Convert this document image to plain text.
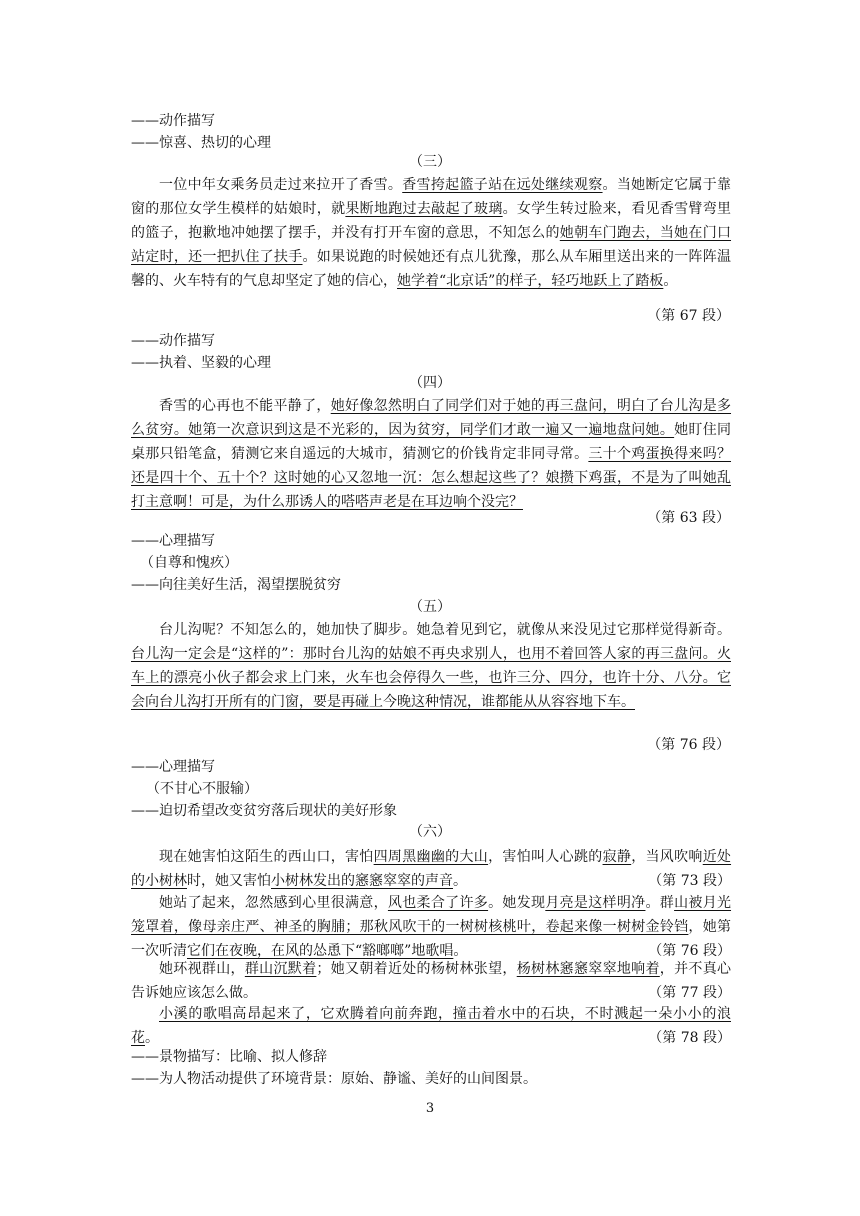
——动作描写
——惊喜、热切的心理
（三）
一位中年女乘务员走过来拉开了香雪。香雪挎起篮子站在远处继续观察。当她断定它属于靠窗的那位女学生模样的姑娘时，就果断地跑过去敲起了玻璃。女学生转过脸来，看见香雪臂弯里的篮子，抱歉地冲她摆了摆手，并没有打开车窗的意思，不知怎么的她朝车门跑去，当她在门口站定时，还一把扒住了扶手。如果说跑的时候她还有点儿犹豫，那么从车厢里送出来的一阵阵温馨的、火车特有的气息却坚定了她的信心，她学着“北京话”的样子，轻巧地跃上了踏板。
（第 67 段）
——动作描写
——执着、坚毅的心理
（四）
香雪的心再也不能平静了，她好像忽然明白了同学们对于她的再三盘问，明白了台儿沟是多么贫穷。她第一次意识到这是不光彩的，因为贫穷，同学们才敢一遍又一遍地盘问她。她盯住同桌那只铅笔盒，猜测它来自遥远的大城市，猜测它的价钱肯定非同寻常。三十个鸡蛋换得来吗？还是四十个、五十个？这时她的心又忽地一沉：怎么想起这些了？娘攒下鸡蛋，不是为了叫她乱打主意啊！可是，为什么那诱人的嗒嗒声老是在耳边响个没完？
（第 63 段）
——心理描写
（自尊和愧疚）
——向往美好生活，渴望摆脱贫穷
（五）
台儿沟呢？不知怎么的，她加快了脚步。她急着见到它，就像从来没见过它那样觉得新奇。台儿沟一定会是“这样的”：那时台儿沟的姑娘不再央求别人，也用不着回答人家的再三盘问。火车上的漂亮小伙子都会求上门来，火车也会停得久一些，也许三分、四分，也许十分、八分。它会向台儿沟打开所有的门窗，要是再碰上今晚这种情况，谁都能从从容容地下车。
（第 76 段）
——心理描写
（不甘心不服输）
——迫切希望改变贫穷落后现状的美好形象
（六）
现在她害怕这陌生的西山口，害怕四周黑幽幽的大山，害怕叫人心跳的寂静，当风吹响近处的小树林时，她又害怕小树林发出的窸窸窣窣的声音。	（第 73 段）
她站了起来，忽然感到心里很满意，风也柔合了许多。她发现月亮是这样明净。群山被月光笼罩着，像母亲庄严、神圣的胸脯；那秋风吹干的一树树核桃叶，卷起来像一树树金铃铛，她第一次听清它们在夜晚，在风的怂恿下“豁啷啷”地歌唱。	（第 76 段）
她环视群山，群山沉默着；她又朝着近处的杨树林张望，杨树林窸窸窣窣地响着，并不真心告诉她应该怎么做。	（第 77 段）
小溪的歌唱高昂起来了，它欢腾着向前奔跑，撞击着水中的石块，不时溅起一朵小小的浪花。	（第 78 段）
——景物描写：比喻、拟人修辞
——为人物活动提供了环境背景：原始、静谧、美好的山间图景。
3
